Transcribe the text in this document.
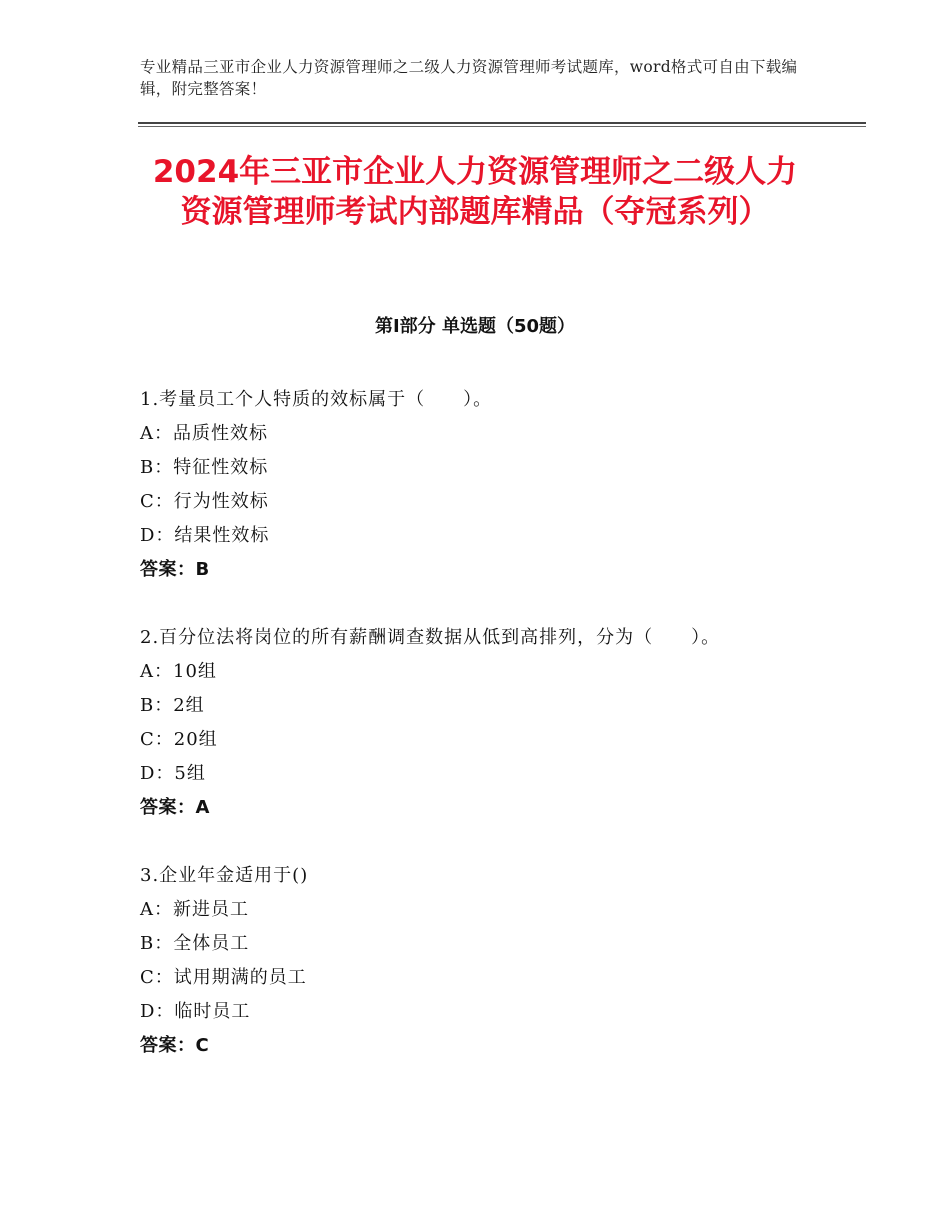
专业精品三亚市企业人力资源管理师之二级人力资源管理师考试题库，word格式可自由下载编辑，附完整答案！
2024年三亚市企业人力资源管理师之二级人力资源管理师考试内部题库精品（夺冠系列）
第Ⅰ部分 单选题（50题）
1.考量员工个人特质的效标属于（　　）。
A：品质性效标
B：特征性效标
C：行为性效标
D：结果性效标
答案：B
2.百分位法将岗位的所有薪酬调查数据从低到高排列，分为（　　）。
A：10组
B：2组
C：20组
D：5组
答案：A
3.企业年金适用于()
A：新进员工
B：全体员工
C：试用期满的员工
D：临时员工
答案：C
